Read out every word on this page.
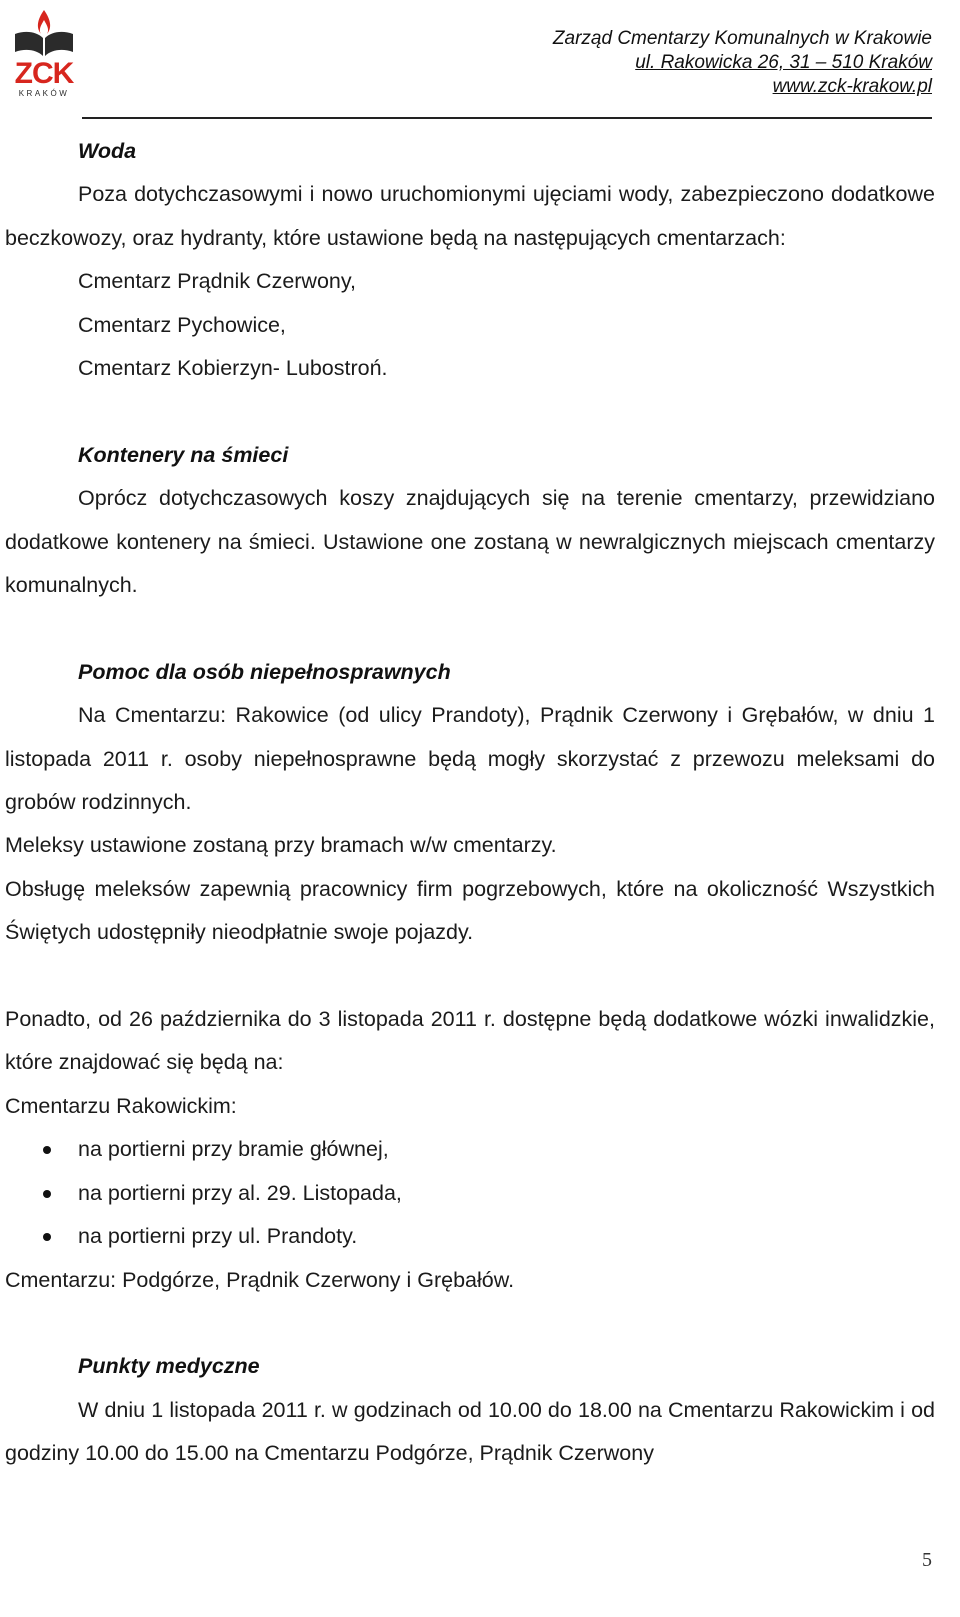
ZCK
KRAKÓW
Zarząd Cmentarzy Komunalnych w Krakowie
ul. Rakowicka 26, 31 – 510 Kraków
www.zck-krakow.pl

Woda

Poza dotychczasowymi i nowo uruchomionymi ujęciami wody, zabezpieczono dodatkowe beczkowozy, oraz hydranty, które ustawione będą na następujących cmentarzach:

Cmentarz Prądnik Czerwony,

Cmentarz Pychowice,

Cmentarz Kobierzyn- Lubostroń.

Kontenery na śmieci

Oprócz dotychczasowych koszy znajdujących się na terenie cmentarzy, przewidziano dodatkowe kontenery na śmieci. Ustawione one zostaną w newralgicznych miejscach cmentarzy komunalnych.

Pomoc dla osób niepełnosprawnych

Na Cmentarzu: Rakowice (od ulicy Prandoty), Prądnik Czerwony i Grębałów, w dniu 1 listopada 2011 r. osoby niepełnosprawne będą mogły skorzystać z przewozu meleksami do grobów rodzinnych.

Meleksy ustawione zostaną przy bramach w/w cmentarzy.

Obsługę meleksów zapewnią pracownicy firm pogrzebowych, które na okoliczność Wszystkich Świętych udostępniły nieodpłatnie swoje pojazdy.

Ponadto, od 26 października do 3 listopada 2011 r. dostępne będą dodatkowe wózki inwalidzkie, które znajdować się będą na:

Cmentarzu Rakowickim:

na portierni przy bramie głównej,
na portierni przy al. 29. Listopada,
na portierni przy ul. Prandoty.

Cmentarzu: Podgórze, Prądnik Czerwony i Grębałów.

Punkty medyczne

W dniu 1 listopada 2011 r. w godzinach od 10.00 do 18.00 na Cmentarzu Rakowickim i od godziny 10.00 do 15.00 na Cmentarzu Podgórze, Prądnik Czerwony

5
